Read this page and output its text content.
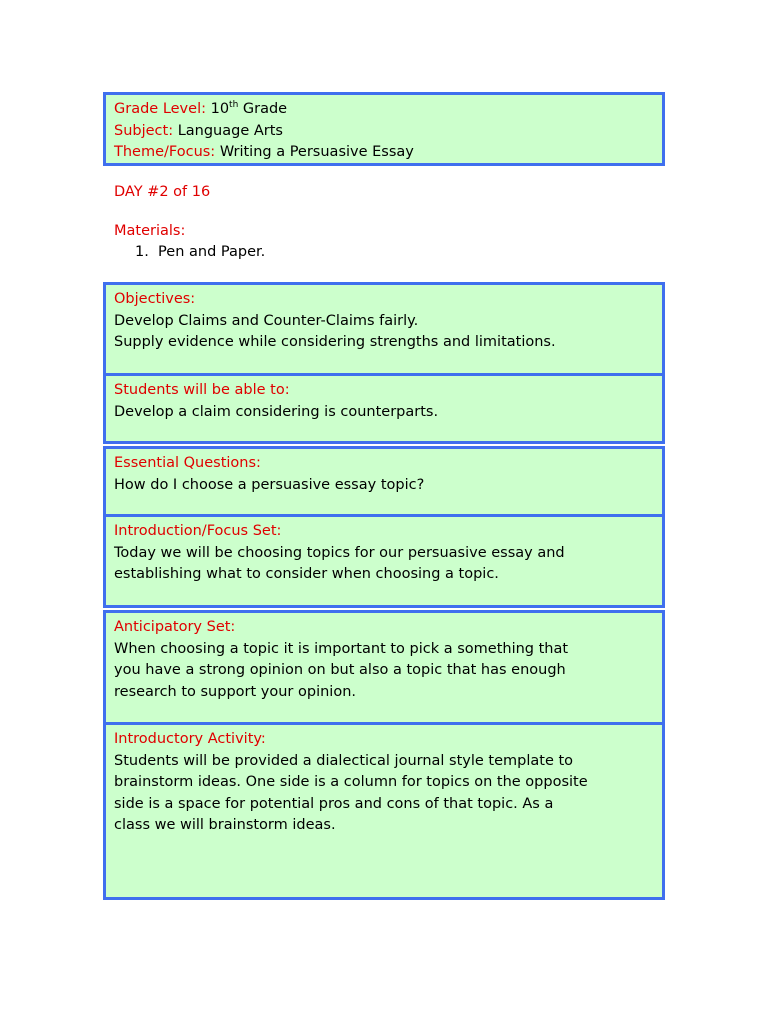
Grade Level: 10th Grade
Subject: Language Arts
Theme/Focus: Writing a Persuasive Essay
DAY #2 of 16
Materials:
1.  Pen and Paper.
Objectives:
Develop Claims and Counter-Claims fairly.
Supply evidence while considering strengths and limitations.
Students will be able to:
Develop a claim considering is counterparts.
Essential Questions:
How do I choose a persuasive essay topic?
Introduction/Focus Set:
Today we will be choosing topics for our persuasive essay and
establishing what to consider when choosing a topic.
Anticipatory Set:
When choosing a topic it is important to pick a something that
you have a strong opinion on but also a topic that has enough
research to support your opinion.
Introductory Activity:
Students will be provided a dialectical journal style template to
brainstorm ideas. One side is a column for topics on the opposite
side is a space for potential pros and cons of that topic. As a
class we will brainstorm ideas.
